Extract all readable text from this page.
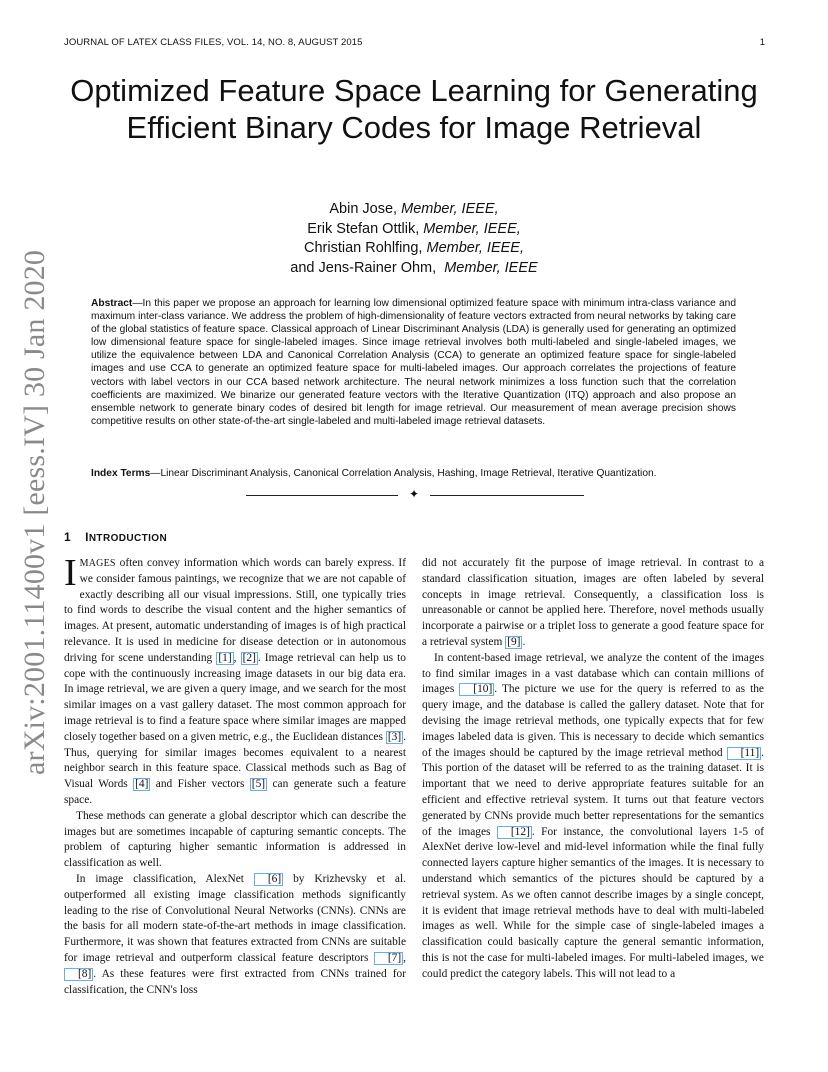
JOURNAL OF LATEX CLASS FILES, VOL. 14, NO. 8, AUGUST 2015	1
arXiv:2001.11400v1 [eess.IV] 30 Jan 2020
Optimized Feature Space Learning for Generating Efficient Binary Codes for Image Retrieval
Abin Jose, Member, IEEE,
Erik Stefan Ottlik, Member, IEEE,
Christian Rohlfing, Member, IEEE,
and Jens-Rainer Ohm, Member, IEEE

Abstract—In this paper we propose an approach for learning low dimensional optimized feature space with minimum intra-class variance and maximum inter-class variance. We address the problem of high-dimensionality of feature vectors extracted from neural networks by taking care of the global statistics of feature space. Classical approach of Linear Discriminant Analysis (LDA) is generally used for generating an optimized low dimensional feature space for single-labeled images. Since image retrieval involves both multi-labeled and single-labeled images, we utilize the equivalence between LDA and Canonical Correlation Analysis (CCA) to generate an optimized feature space for single-labeled images and use CCA to generate an optimized feature space for multi-labeled images. Our approach correlates the projections of feature vectors with label vectors in our CCA based network architecture. The neural network minimizes a loss function such that the correlation coefficients are maximized. We binarize our generated feature vectors with the Iterative Quantization (ITQ) approach and also propose an ensemble network to generate binary codes of desired bit length for image retrieval. Our measurement of mean average precision shows competitive results on other state-of-the-art single-labeled and multi-labeled image retrieval datasets.

Index Terms—Linear Discriminant Analysis, Canonical Correlation Analysis, Hashing, Image Retrieval, Iterative Quantization.

✦
1 INTRODUCTION

IMAGES often convey information which words can barely express. If we consider famous paintings, we recognize that we are not capable of exactly describing all our visual impressions. Still, one typically tries to find words to describe the visual content and the higher semantics of images. At present, automatic understanding of images is of high practical relevance. It is used in medicine for disease detection or in autonomous driving for scene understanding [1] , [2] . Image retrieval can help us to cope with the continuously increasing image datasets in our big data era. In image retrieval, we are given a query image, and we search for the most similar images on a vast gallery dataset. The most common approach for image retrieval is to find a feature space where similar images are mapped closely together based on a given metric, e.g., the Euclidean distances [3] . Thus, querying for similar images becomes equivalent to a nearest neighbor search in this feature space. Classical methods such as Bag of Visual Words [4] and Fisher vectors [5] can generate such a feature space.

These methods can generate a global descriptor which can describe the images but are sometimes incapable of capturing semantic concepts. The problem of capturing higher semantic information is addressed in classification as well.

In image classification, AlexNet [6] by Krizhevsky et al. outperformed all existing image classification methods significantly leading to the rise of Convolutional Neural Networks (CNNs). CNNs are the basis for all modern state-of-the-art methods in image classification. Furthermore, it was shown that features extracted from CNNs are suitable for image retrieval and outperform classical feature descriptors [7] , [8] . As these features were first extracted from CNNs trained for classification, the CNN's loss

did not accurately fit the purpose of image retrieval. In contrast to a standard classification situation, images are often labeled by several concepts in image retrieval. Consequently, a classification loss is unreasonable or cannot be applied here. Therefore, novel methods usually incorporate a pairwise or a triplet loss to generate a good feature space for a retrieval system [9] .

In content-based image retrieval, we analyze the content of the images to find similar images in a vast database which can contain millions of images [10] . The picture we use for the query is referred to as the query image, and the database is called the gallery dataset. Note that for devising the image retrieval methods, one typically expects that for few images labeled data is given. This is necessary to decide which semantics of the images should be captured by the image retrieval method [11] . This portion of the dataset will be referred to as the training dataset. It is important that we need to derive appropriate features suitable for an efficient and effective retrieval system. It turns out that feature vectors generated by CNNs provide much better representations for the semantics of the images [12] . For instance, the convolutional layers 1-5 of AlexNet derive low-level and mid-level information while the final fully connected layers capture higher semantics of the images. It is necessary to understand which semantics of the pictures should be captured by a retrieval system. As we often cannot describe images by a single concept, it is evident that image retrieval methods have to deal with multi-labeled images as well. While for the simple case of single-labeled images a classification could basically capture the general semantic information, this is not the case for multi-labeled images. For multi-labeled images, we could predict the category labels. This will not lead to a
